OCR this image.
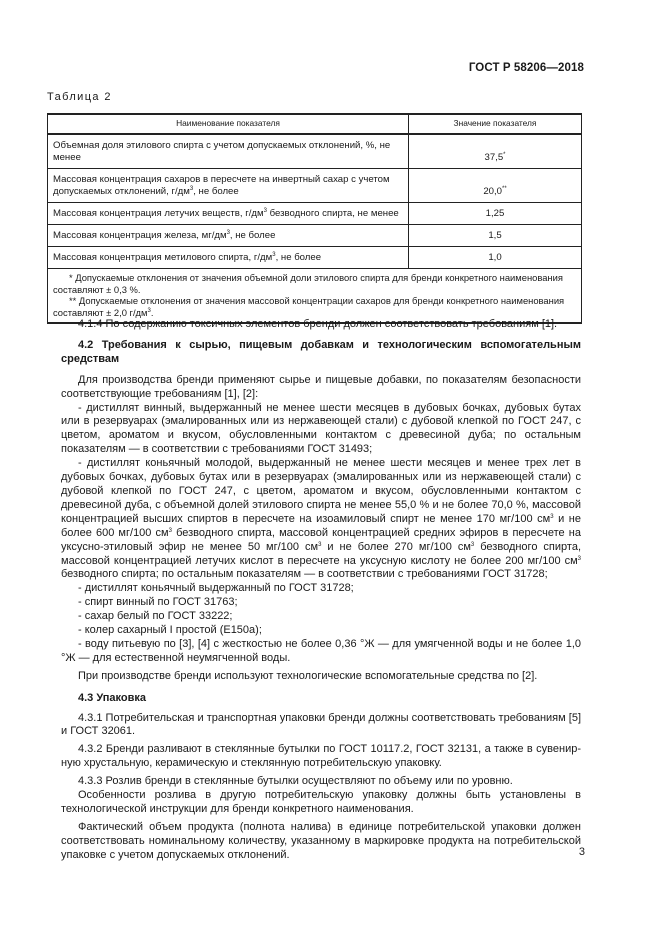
ГОСТ Р 58206—2018
Таблица 2
Наименование показателя	Значение показателя
Объемная доля этилового спирта с учетом допускаемых отклонений, %, не менее	37,5*
Массовая концентрация сахаров в пересчете на инвертный сахар с учетом допускаемых отклонений, $г/дм^3$, не более	20,0**
Массовая концентрация летучих веществ, $г/дм^3$ безводного спирта, не менее	1,25
Массовая концентрация железа, $мг/дм^3$, не более	1,5
Массовая концентрация метилового спирта, $г/дм^3$, не более	1,0

* Допускаемые отклонения от значения объемной доли этилового спирта для бренди конкретного наименования составляют ± 0,3 %.
** Допускаемые отклонения от значения массовой концентрации сахаров для бренди конкретного наименования составляют ± 2,0 $г/дм^3$.	

4.1.4 По содержанию токсичных элементов бренди должен соответствовать требованиям [1].

4.2 Требования к сырью, пищевым добавкам и технологическим вспомогательным средствам

Для производства бренди применяют сырье и пищевые добавки, по показателям безопасности соответствующие требованиям [1], [2]:

- дистиллят винный, выдержанный не менее шести месяцев в дубовых бочках, дубовых бутах или в резервуарах (эмалированных или из нержавеющей стали) с дубовой клепкой по ГОСТ 247, с цветом, ароматом и вкусом, обусловленными контактом с древесиной дуба; по остальным показателям — в соответствии с требованиями ГОСТ 31493;

- дистиллят коньячный молодой, выдержанный не менее шести месяцев и менее трех лет в дубовых бочках, дубовых бутах или в резервуарах (эмалированных или из нержавеющей стали) с дубовой клепкой по ГОСТ 247, с цветом, ароматом и вкусом, обусловленными контактом с древесиной дуба, с объемной долей этилового спирта не менее 55,0 % и не более 70,0 %, массовой концентрацией высших спиртов в пересчете на изоамиловый спирт не менее 170 мг/100 $см^3$ и не более 600 мг/100 $см^3$ безводного спирта, массовой концентрацией средних эфиров в пересчете на уксусно-этиловый эфир не менее 50 мг/100 $см^3$ и не более 270 мг/100 $см^3$ безводного спирта, массовой концентрацией летучих кислот в пересчете на уксусную кислоту не более 200 мг/100 $см^3$ безводного спирта; по остальным показателям — в соответствии с требованиями ГОСТ 31728;

- дистиллят коньячный выдержанный по ГОСТ 31728;

- спирт винный по ГОСТ 31763;

- сахар белый по ГОСТ 33222;

- колер сахарный I простой (E150a);

- воду питьевую по [3], [4] с жесткостью не более 0,36 °Ж — для умягченной воды и не более 1,0 °Ж — для естественной неумягченной воды.

При производстве бренди используют технологические вспомогательные средства по [2].

4.3 Упаковка

4.3.1 Потребительская и транспортная упаковки бренди должны соответствовать требованиям [5] и ГОСТ 32061.

4.3.2 Бренди разливают в стеклянные бутылки по ГОСТ 10117.2, ГОСТ 32131, а также в сувенирную хрустальную, керамическую и стеклянную потребительскую упаковку.

4.3.3 Розлив бренди в стеклянные бутылки осуществляют по объему или по уровню.

Особенности розлива в другую потребительскую упаковку должны быть установлены в технологической инструкции для бренди конкретного наименования.

Фактический объем продукта (полнота налива) в единице потребительской упаковки должен соответствовать номинальному количеству, указанному в маркировке продукта на потребительской упаковке с учетом допускаемых отклонений.	3
